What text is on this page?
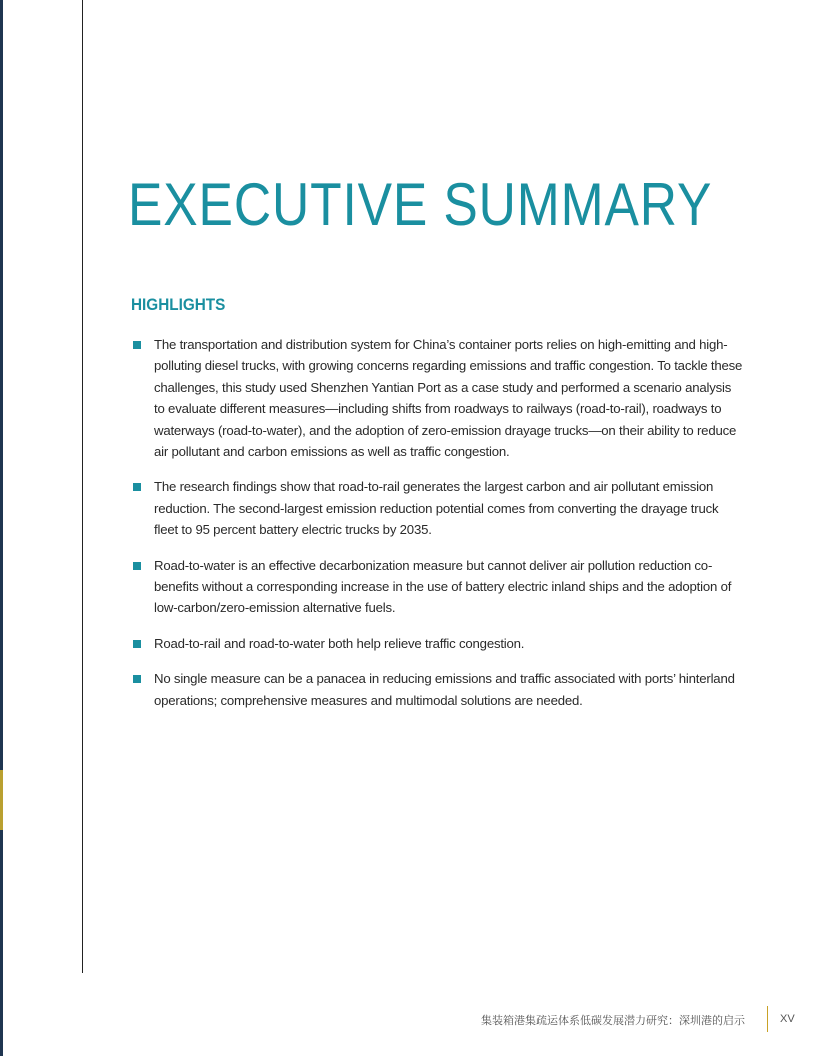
EXECUTIVE SUMMARY
HIGHLIGHTS
The transportation and distribution system for China’s container ports relies on high-emitting and high-polluting diesel trucks, with growing concerns regarding emissions and traffic congestion. To tackle these challenges, this study used Shenzhen Yantian Port as a case study and performed a scenario analysis to evaluate different measures—including shifts from roadways to railways (road-to-rail), roadways to waterways (road-to-water), and the adoption of zero-emission drayage trucks—on their ability to reduce air pollutant and carbon emissions as well as traffic congestion.
The research findings show that road-to-rail generates the largest carbon and air pollutant emission reduction. The second-largest emission reduction potential comes from converting the drayage truck fleet to 95 percent battery electric trucks by 2035.
Road-to-water is an effective decarbonization measure but cannot deliver air pollution reduction co-benefits without a corresponding increase in the use of battery electric inland ships and the adoption of low-carbon/zero-emission alternative fuels.
Road-to-rail and road-to-water both help relieve traffic congestion.
No single measure can be a panacea in reducing emissions and traffic associated with ports’ hinterland operations; comprehensive measures and multimodal solutions are needed.
集装箱港集疏运体系低碳发展潜力研究：深圳港的启示	XV
